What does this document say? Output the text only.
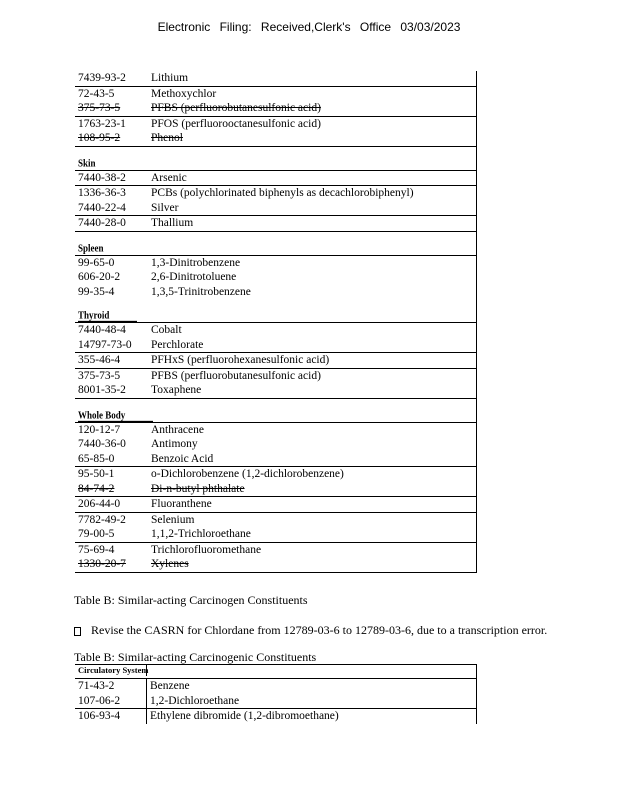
Electronic Filing: Received,Clerk's Office 03/03/2023
7439-93-2	Lithium
72-43-5	Methoxychlor
375-73-5	PFBS (perfluorobutanesulfonic acid)
1763-23-1	PFOS (perfluorooctanesulfonic acid)
108-95-2	Phenol
Skin
7440-38-2	Arsenic
1336-36-3	PCBs (polychlorinated biphenyls as decachlorobiphenyl)
7440-22-4	Silver
7440-28-0	Thallium
Spleen
99-65-0	1,3-Dinitrobenzene
606-20-2	2,6-Dinitrotoluene
99-35-4	1,3,5-Trinitrobenzene
Thyroid
7440-48-4	Cobalt
14797-73-0	Perchlorate
355-46-4	PFHxS (perfluorohexanesulfonic acid)
375-73-5	PFBS (perfluorobutanesulfonic acid)
8001-35-2	Toxaphene
Whole Body
120-12-7	Anthracene
7440-36-0	Antimony
65-85-0	Benzoic Acid
95-50-1	o-Dichlorobenzene (1,2-dichlorobenzene)
84-74-2	Di-n-butyl phthalate
206-44-0	Fluoranthene
7782-49-2	Selenium
79-00-5	1,1,2-Trichloroethane
75-69-4	Trichlorofluoromethane
1330-20-7	Xylenes
Table B: Similar-acting Carcinogen Constituents
Revise the CASRN for Chlordane from 12789-03-6 to 12789-03-6, due to a transcription error.
Table B: Similar-acting Carcinogenic Constituents
Circulatory System
71-43-2	Benzene
107-06-2	1,2-Dichloroethane
106-93-4	Ethylene dibromide (1,2-dibromoethane)
